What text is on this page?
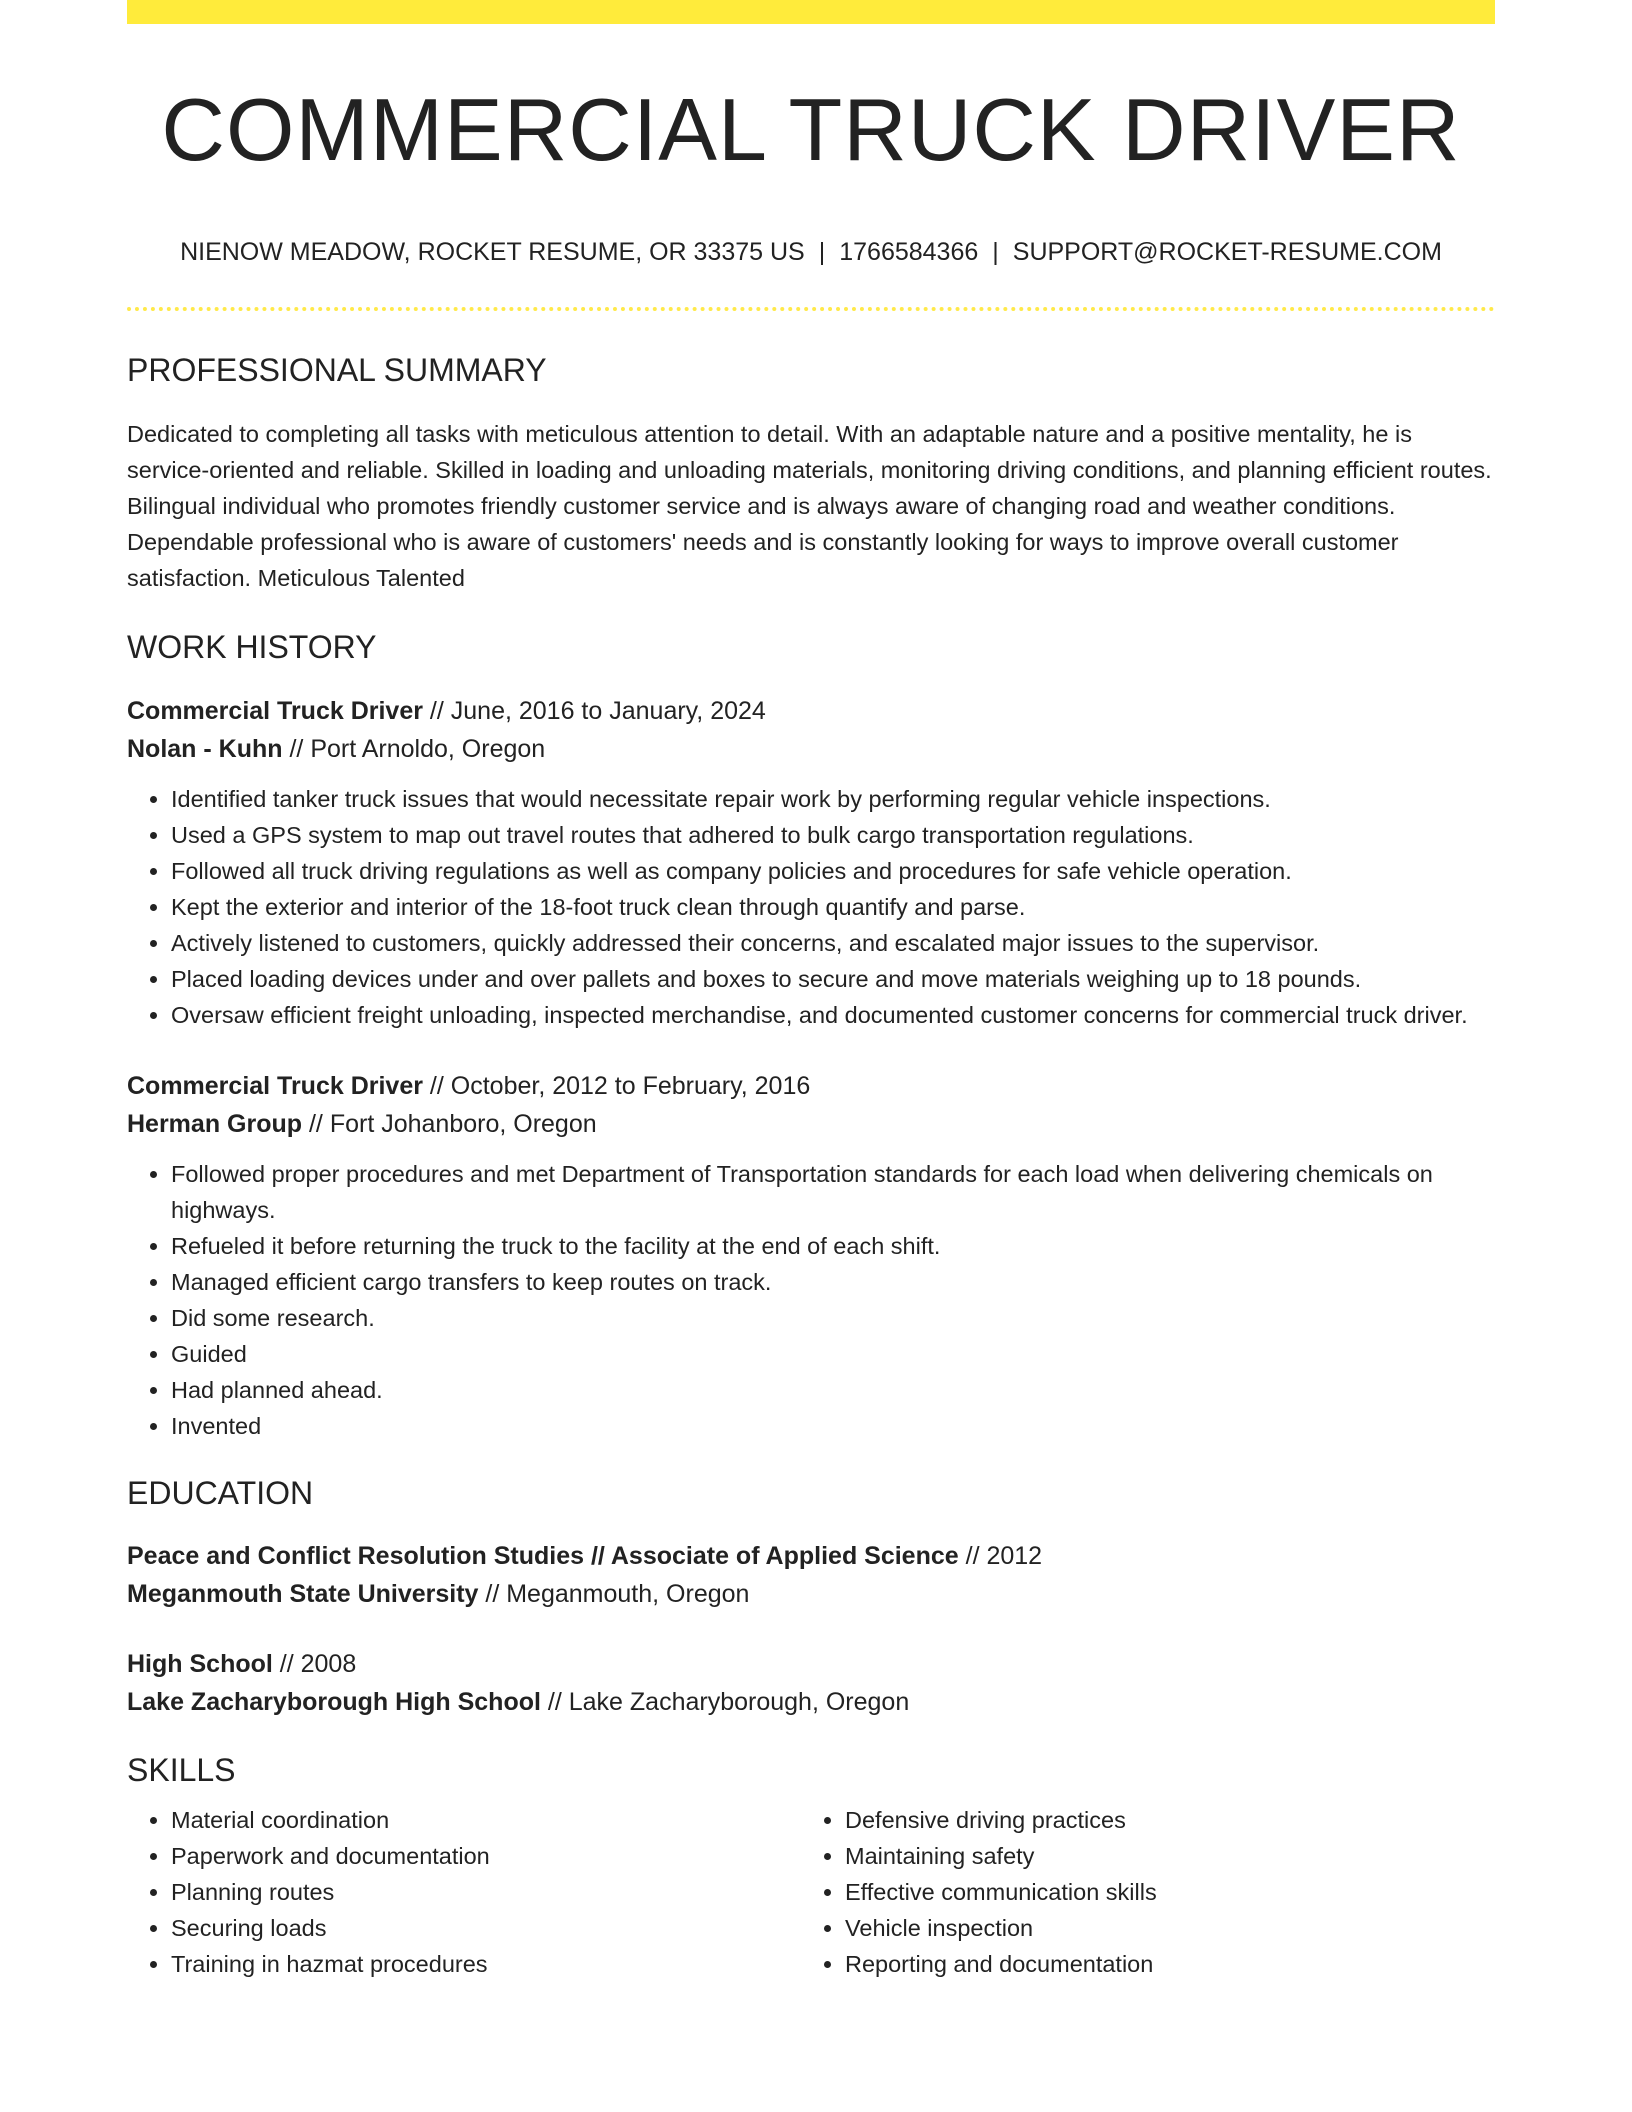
COMMERCIAL TRUCK DRIVER
NIENOW MEADOW, ROCKET RESUME, OR 33375 US | 1766584366 | SUPPORT@ROCKET-RESUME.COM
PROFESSIONAL SUMMARY

Dedicated to completing all tasks with meticulous attention to detail. With an adaptable nature and a positive mentality, he is service-oriented and reliable. Skilled in loading and unloading materials, monitoring driving conditions, and planning efficient routes. Bilingual individual who promotes friendly customer service and is always aware of changing road and weather conditions. Dependable professional who is aware of customers' needs and is constantly looking for ways to improve overall customer satisfaction. Meticulous Talented

WORK HISTORY
Commercial Truck Driver // June, 2016 to January, 2024
Nolan - Kuhn // Port Arnoldo, Oregon
• Identified tanker truck issues that would necessitate repair work by performing regular vehicle inspections.
• Used a GPS system to map out travel routes that adhered to bulk cargo transportation regulations.
• Followed all truck driving regulations as well as company policies and procedures for safe vehicle operation.
• Kept the exterior and interior of the 18-foot truck clean through quantify and parse.
• Actively listened to customers, quickly addressed their concerns, and escalated major issues to the supervisor.
• Placed loading devices under and over pallets and boxes to secure and move materials weighing up to 18 pounds.
• Oversaw efficient freight unloading, inspected merchandise, and documented customer concerns for commercial truck driver.
Commercial Truck Driver // October, 2012 to February, 2016
Herman Group // Fort Johanboro, Oregon
• Followed proper procedures and met Department of Transportation standards for each load when delivering chemicals on highways.
• Refueled it before returning the truck to the facility at the end of each shift.
• Managed efficient cargo transfers to keep routes on track.
• Did some research.
• Guided
• Had planned ahead.
• Invented
EDUCATION
Peace and Conflict Resolution Studies // Associate of Applied Science // 2012
Meganmouth State University // Meganmouth, Oregon
High School // 2008
Lake Zacharyborough High School // Lake Zacharyborough, Oregon
SKILLS
• Material coordination
• Paperwork and documentation
• Planning routes
• Securing loads
• Training in hazmat procedures
• Defensive driving practices
• Maintaining safety
• Effective communication skills
• Vehicle inspection
• Reporting and documentation
